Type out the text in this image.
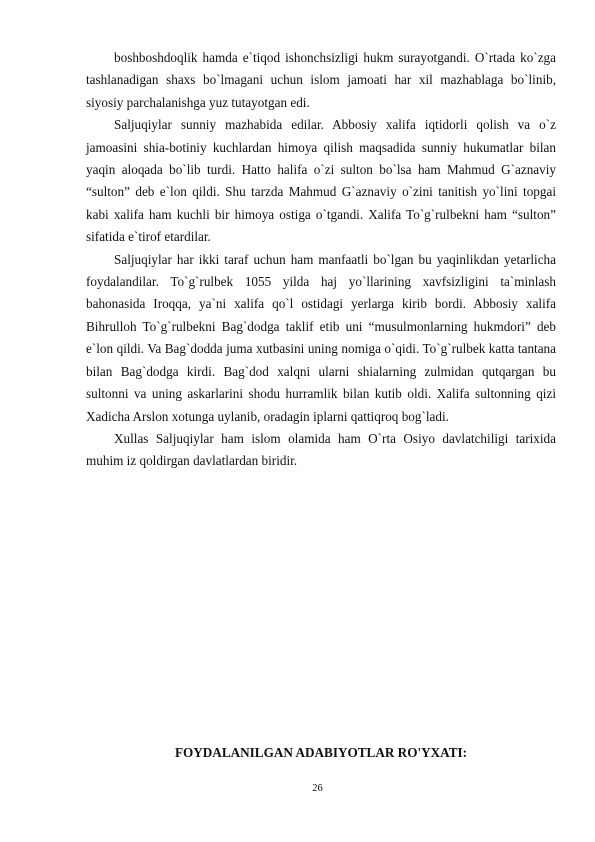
boshboshdoqlik hamda e`tiqod ishonchsizligi hukm surayotgandi. O`rtada ko`zga tashlanadigan shaxs bo`lmagani uchun islom jamoati har xil mazhablaga bo`linib, siyosiy parchalanishga yuz tutayotgan edi.

Saljuqiylar sunniy mazhabida edilar. Abbosiy xalifa iqtidorli qolish va o`z jamoasini shia-botiniy kuchlardan himoya qilish maqsadida sunniy hukumatlar bilan yaqin aloqada bo`lib turdi. Hatto halifa o`zi sulton bo`lsa ham Mahmud G`aznaviy “sulton” deb e`lon qildi. Shu tarzda Mahmud G`aznaviy o`zini tanitish yo`lini topgai kabi xalifa ham kuchli bir himoya ostiga o`tgandi. Xalifa To`g`rulbekni ham “sulton” sifatida e`tirof etardilar.

Saljuqiylar har ikki taraf uchun ham manfaatli bo`lgan bu yaqinlikdan yetarlicha foydalandilar. To`g`rulbek 1055 yilda haj yo`llarining xavfsizligini ta`minlash bahonasida Iroqqa, ya`ni xalifa qo`l ostidagi yerlarga kirib bordi. Abbosiy xalifa Bihrulloh To`g`rulbekni Bag`dodga taklif etib uni “musulmonlarning hukmdori” deb e`lon qildi. Va Bag`dodda juma xutbasini uning nomiga o`qidi. To`g`rulbek katta tantana bilan Bag`dodga kirdi. Bag`dod xalqni ularni shialarning zulmidan qutqargan bu sultonni va uning askarlarini shodu hurramlik bilan kutib oldi. Xalifa sultonning qizi Xadicha Arslon xotunga uylanib, oradagin iplarni qattiqroq bog`ladi.

Xullas Saljuqiylar ham islom olamida ham O`rta Osiyo davlatchiligi tarixida muhim iz qoldirgan davlatlardan biridir.

FOYDALANILGAN ADABIYOTLAR RO'YXATI:

26
